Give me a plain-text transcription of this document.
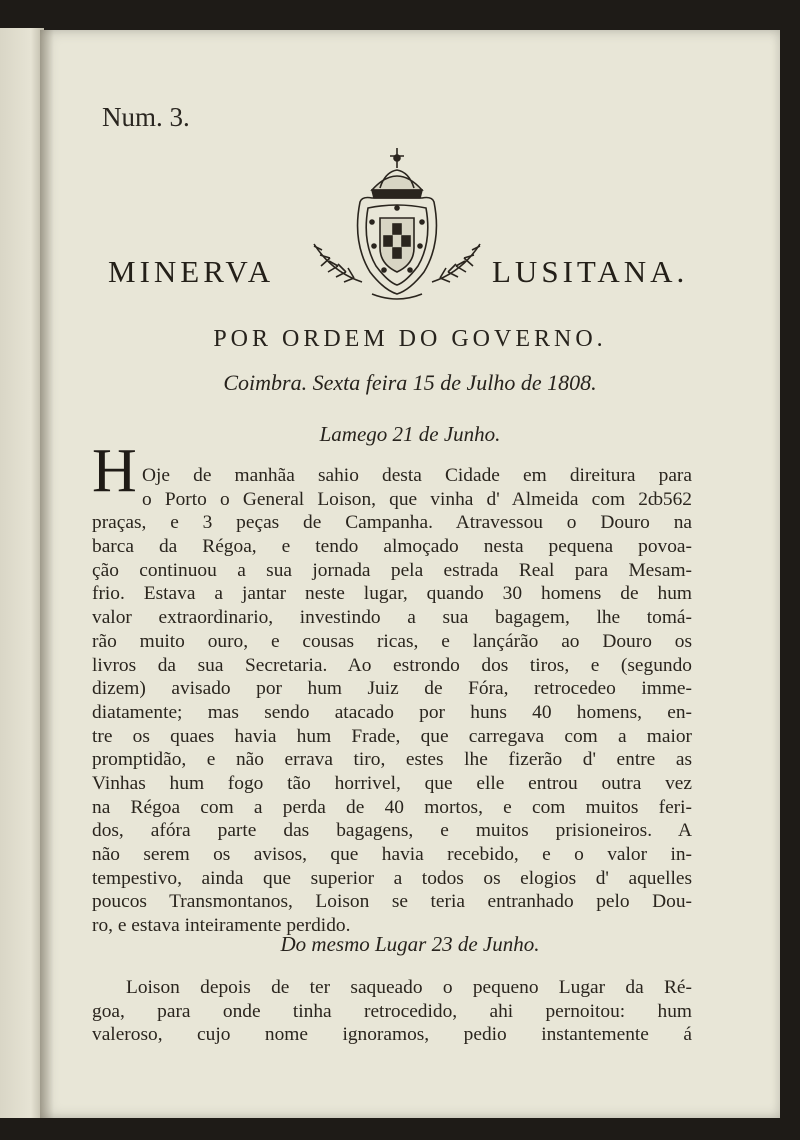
Num. 3.
MINERVA	LUSITANA.
POR ORDEM DO GOVERNO.
Coimbra. Sexta feira 15 de Julho de 1808.
Lamego 21 de Junho.
H Oje de manhãa sahio desta Cidade em direitura para
o Porto o General Loison, que vinha d' Almeida com 2ȸ562
praças, e 3 peças de Campanha. Atravessou o Douro na
barca da Régoa, e tendo almoçado nesta pequena povoa-
ção continuou a sua jornada pela estrada Real para Mesam-
frio. Estava a jantar neste lugar, quando 30 homens de hum
valor extraordinario, investindo a sua bagagem, lhe tomá-
rão muito ouro, e cousas ricas, e lançárão ao Douro os
livros da sua Secretaria. Ao estrondo dos tiros, e (segundo
dizem) avisado por hum Juiz de Fóra, retrocedeo imme-
diatamente; mas sendo atacado por huns 40 homens, en-
tre os quaes havia hum Frade, que carregava com a maior
promptidão, e não errava tiro, estes lhe fizerão d' entre as
Vinhas hum fogo tão horrivel, que elle entrou outra vez
na Régoa com a perda de 40 mortos, e com muitos feri-
dos, afóra parte das bagagens, e muitos prisioneiros. A
não serem os avisos, que havia recebido, e o valor in-
tempestivo, ainda que superior a todos os elogios d' aquelles
poucos Transmontanos, Loison se teria entranhado pelo Dou-
ro, e estava inteiramente perdido.
Do mesmo Lugar 23 de Junho.
Loison depois de ter saqueado o pequeno Lugar da Ré-
goa, para onde tinha retrocedido, ahi pernoitou: hum
valeroso, cujo nome ignoramos, pedio instantemente á
